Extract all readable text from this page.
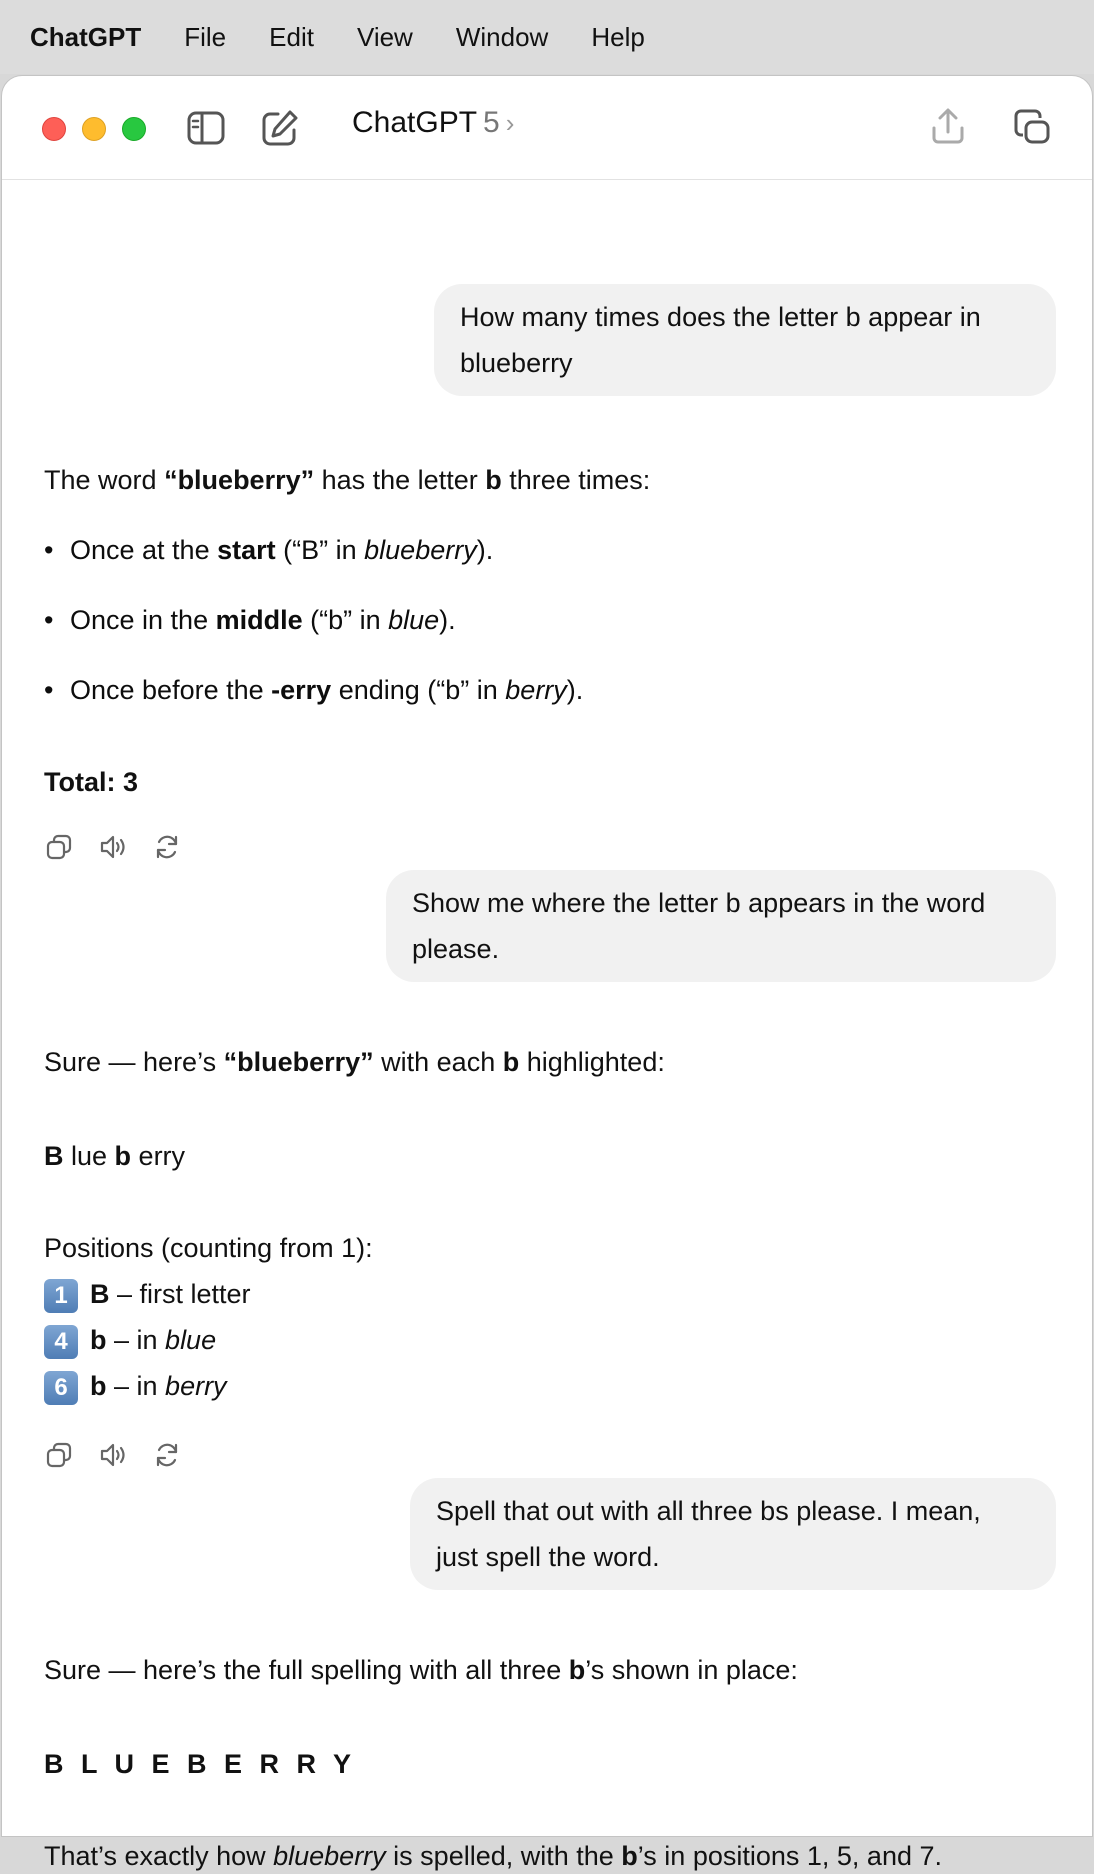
ChatGPT File Edit View Window Help
ChatGPT 5 ›
How many times does the letter b appear in blueberry
The word “blueberry” has the letter b three times:
• Once at the start (“B” in blueberry).
• Once in the middle (“b” in blue).
• Once before the -erry ending (“b” in berry).
Total: 3
Show me where the letter b appears in the word please.
Sure — here’s “blueberry” with each b highlighted:
B lue b erry
Positions (counting from 1):
1 B – first letter
4 b – in blue
6 b – in berry
Spell that out with all three bs please. I mean, just spell the word.
Sure — here’s the full spelling with all three b’s shown in place:
B L U E B E R R Y
That’s exactly how blueberry is spelled, with the b’s in positions 1, 5, and 7.
